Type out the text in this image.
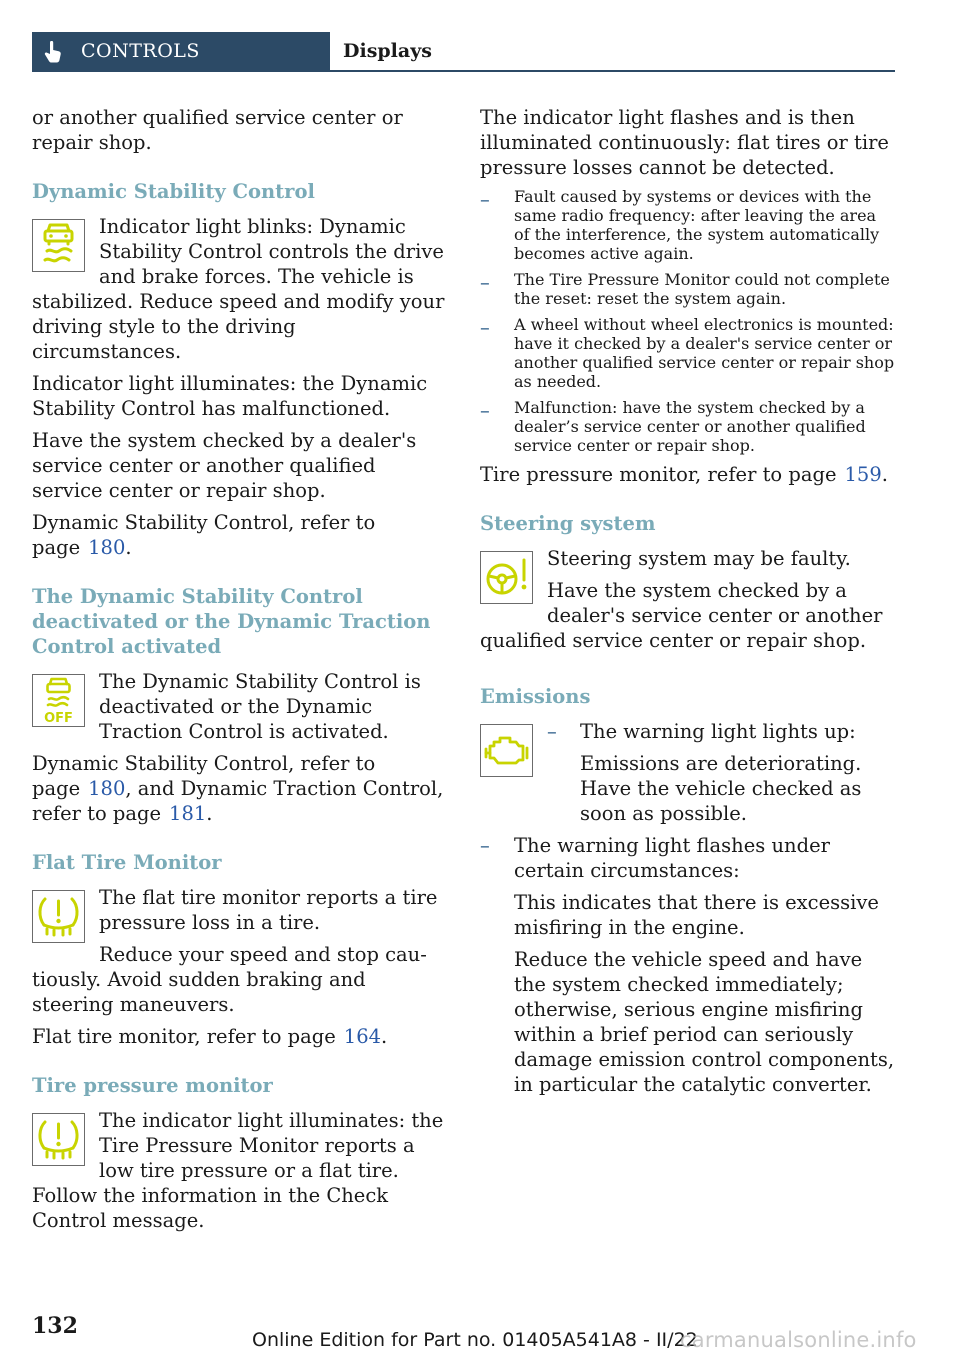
CONTROLS	Displays

or another qualified service center or repair shop.

Dynamic Stability Control

Indicator light blinks: Dynamic Stability Control controls the drive and brake forces. The vehicle is stabilized. Reduce speed and modify your driving style to the driving circumstances.

Indicator light illuminates: the Dynamic Stability Control has malfunctioned.

Have the system checked by a dealer's service center or another qualified service center or repair shop.

Dynamic Stability Control, refer to page 180.

The Dynamic Stability Control deactivated or the Dynamic Traction Control activated
OFF

The Dynamic Stability Control is deactivated or the Dynamic Traction Control is activated.

Dynamic Stability Control, refer to page 180, and Dynamic Traction Control, refer to page 181.

Flat Tire Monitor

The flat tire monitor reports a tire pressure loss in a tire.

Reduce your speed and stop cautiously. Avoid sudden braking and steering maneuvers.

Flat tire monitor, refer to page 164.

Tire pressure monitor

The indicator light illuminates: the Tire Pressure Monitor reports a low tire pressure or a flat tire. Follow the information in the Check Control message.

The indicator light flashes and is then illuminated continuously: flat tires or tire pressure losses cannot be detected.

– Fault caused by systems or devices with the same radio frequency: after leaving the area of the interference, the system automatically becomes active again.
– The Tire Pressure Monitor could not complete the reset: reset the system again.
– A wheel without wheel electronics is mounted: have it checked by a dealer's service center or another qualified service center or repair shop as needed.
– Malfunction: have the system checked by a dealer’s service center or another qualified service center or repair shop.

Tire pressure monitor, refer to page 159.

Steering system

Steering system may be faulty.

Have the system checked by a dealer's service center or another qualified service center or repair shop.

Emissions

– The warning light lights up:

Emissions are deteriorating. Have the vehicle checked as soon as possible.

– The warning light flashes under certain circumstances:

This indicates that there is excessive misfiring in the engine.

Reduce the vehicle speed and have the system checked immediately; otherwise, serious engine misfiring within a brief period can seriously damage emission control components, in particular the catalytic converter.

132
Online Edition for Part no. 01405A541A8 - II/22
carmanualsonline.info
